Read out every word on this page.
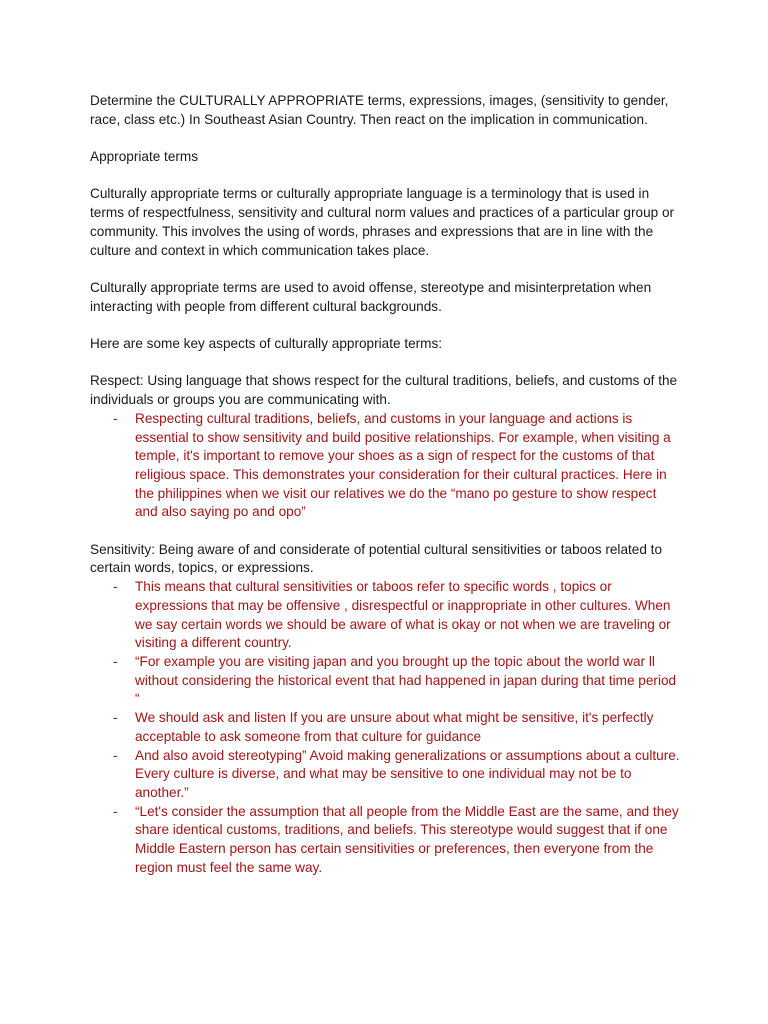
Determine the CULTURALLY APPROPRIATE terms, expressions, images, (sensitivity to gender, race, class etc.) In Southeast Asian Country. Then react on the implication in communication.

Appropriate terms

Culturally appropriate terms or culturally appropriate language is a terminology that is used in terms of respectfulness, sensitivity and cultural norm values and practices of a particular group or community. This involves the using of words, phrases and expressions that are in line with the culture and context in which communication takes place.

Culturally appropriate terms are used to avoid offense, stereotype and misinterpretation when interacting with people from different cultural backgrounds.

Here are some key aspects of culturally appropriate terms:

Respect: Using language that shows respect for the cultural traditions, beliefs, and customs of the individuals or groups you are communicating with.

- Respecting cultural traditions, beliefs, and customs in your language and actions is essential to show sensitivity and build positive relationships. For example, when visiting a temple, it's important to remove your shoes as a sign of respect for the customs of that religious space. This demonstrates your consideration for their cultural practices. Here in the philippines when we visit our relatives we do the “mano po gesture to show respect and also saying po and opo”

Sensitivity: Being aware of and considerate of potential cultural sensitivities or taboos related to certain words, topics, or expressions.

- This means that cultural sensitivities or taboos refer to specific words , topics or expressions that may be offensive , disrespectful or inappropriate in other cultures. When we say certain words we should be aware of what is okay or not when we are traveling or visiting a different country.
- “For example you are visiting japan and you brought up the topic about the world war ll without considering the historical event that had happened in japan during that time period “
- We should ask and listen If you are unsure about what might be sensitive, it's perfectly acceptable to ask someone from that culture for guidance
- And also avoid stereotyping” Avoid making generalizations or assumptions about a culture. Every culture is diverse, and what may be sensitive to one individual may not be to another.”
- “Let's consider the assumption that all people from the Middle East are the same, and they share identical customs, traditions, and beliefs. This stereotype would suggest that if one Middle Eastern person has certain sensitivities or preferences, then everyone from the region must feel the same way.
